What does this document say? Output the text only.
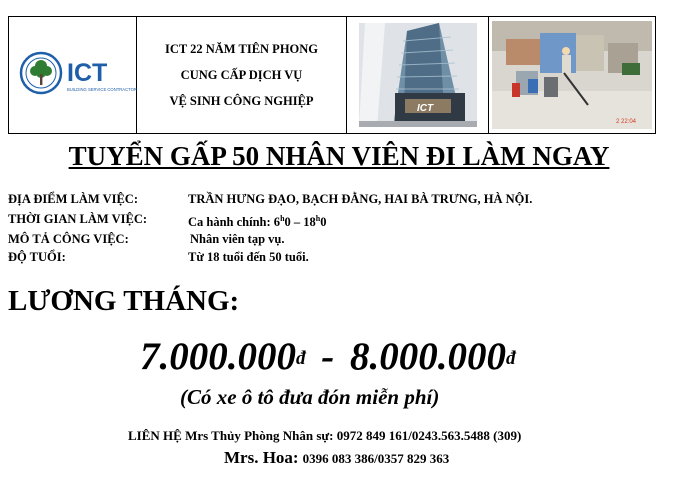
ICT
BUILDING SERVICE CONTRACTOR
ICT 22 NĂM TIÊN PHONG
CUNG CẤP DỊCH VỤ
VỆ SINH CÔNG NGHIỆP
ICT
2 22:04
TUYỂN GẤP 50 NHÂN VIÊN ĐI LÀM NGAY
ĐỊA ĐIỂM LÀM VIỆC:	TRẦN HƯNG ĐẠO, BẠCH ĐẰNG, HAI BÀ TRƯNG, HÀ NỘI.
THỜI GIAN LÀM VIỆC:	Ca hành chính: 6$^h$0 – 18$^h$0
MÔ TẢ CÔNG VIỆC:	Nhân viên tạp vụ.
ĐỘ TUỔI:	Từ 18 tuổi đến 50 tuổi.
LƯƠNG THÁNG:
$7.000.000^đ - 8.000.000^đ$
(Có xe ô tô đưa đón miễn phí)
LIÊN HỆ Mrs Thủy Phòng Nhân sự: 0972 849 161/0243.563.5488 (309)
Mrs. Hoa: 0396 083 386/0357 829 363
